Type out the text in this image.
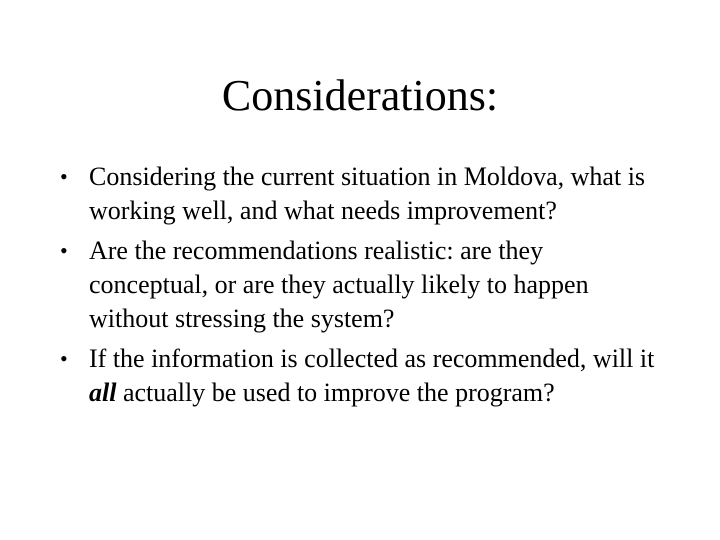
Considerations:
• Considering the current situation in Moldova, what is working well, and what needs improvement?
• Are the recommendations realistic: are they conceptual, or are they actually likely to happen without stressing the system?
• If the information is collected as recommended, will it all actually be used to improve the program?
